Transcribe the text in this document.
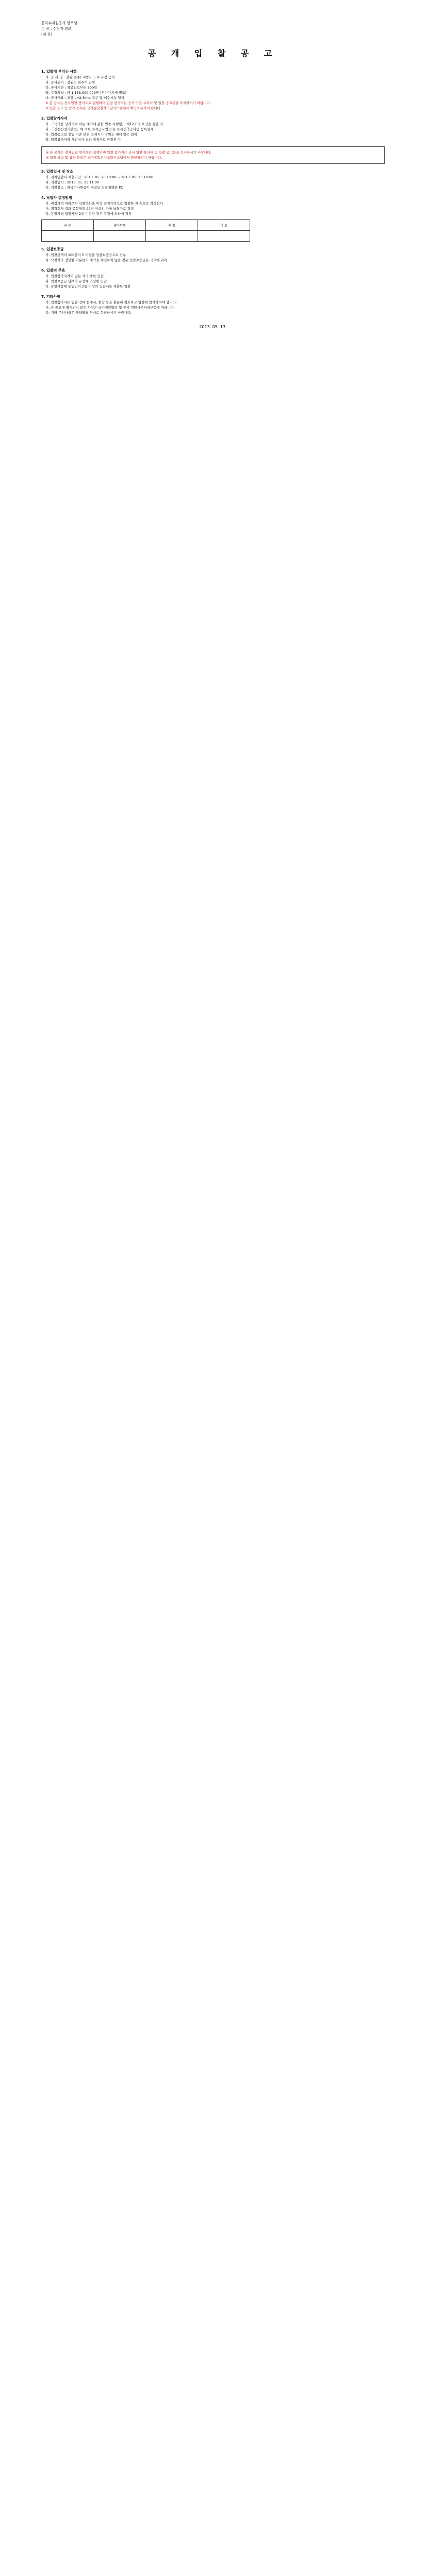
한국수자원공사 영포닝
수 신 : 수신자 참조
(경 유)
공 개 입 찰 공 고
1. 입찰에 부치는 사항
가. 공 사 명 : 강원(원주) 지방도 도로 포장 공사
나. 공사위치 : 강원도 원주시 일원
다. 공사기간 : 착공일로부터 300일
라. 추정가격 : 금 1,158,000,000원 (부가가치세 별도)
마. 공사개요 : 포장 L=2.3km, 측구 및 배수시설 일식
※ 본 공사는 전자입찰 방식으로 집행하며 입찰 참가자는 공사 입찰 유의서 및 입찰 공고문을 숙지하시기 바랍니다.
※ 입찰 공고 및 참가 등록은 국가종합전자조달시스템에서 확인하시기 바랍니다.
2. 입찰참가자격
가. 「국가를 당사자로 하는 계약에 관한 법률 시행령」 제12조의 요건을 갖춘 자
나. 「건설산업기본법」에 의한 토목공사업 또는 토목건축공사업 등록업체
다. 입찰공고일 전일 기준 본점 소재지가 강원도 내에 있는 업체
라. 입찰참가자격 사전심사 결과 적격자로 판정된 자

※ 본 공사는 전자입찰 방식으로 집행하며 입찰 참가자는 공사 입찰 유의서 및 입찰 공고문을 숙지하시기 바랍니다.

※ 입찰 공고 및 참가 등록은 국가종합전자조달시스템에서 확인하시기 바랍니다.

3. 입찰일시 및 장소
가. 전자입찰서 제출기간 : 2013. 05. 20 10:00 ~ 2013. 05. 23 10:00
나. 개찰일시 : 2013. 05. 23 11:00
다. 개찰장소 : 한국수자원공사 영포닝 입찰집행관 PC
4. 낙찰자 결정방법
가. 예정가격 이하로서 낙찰하한율 이상 최저가격으로 입찰한 자 순으로 적격심사
나. 적격심사 결과 종합평점 92점 이상인 자를 낙찰자로 결정
다. 동일가격 입찰자가 2인 이상인 경우 추첨에 의하여 결정
구 분	평가항목	배 점	비 고

5. 입찰보증금
가. 입찰금액의 100분의 5 이상을 입찰보증금으로 납부
나. 낙찰자가 정당한 이유없이 계약을 체결하지 않을 경우 입찰보증금은 국고에 귀속
6. 입찰의 무효
가. 입찰참가자격이 없는 자가 행한 입찰
나. 입찰보증금 납부가 규정에 미달한 입찰
다. 동일사항에 동일인이 2통 이상의 입찰서를 제출한 입찰
7. 기타사항
가. 입찰참가자는 입찰 전에 설계서, 현장 등을 충분히 검토하고 입찰에 참가하여야 합니다.
나. 본 공고에 명시되지 않은 사항은 국가계약법령 및 공사 계약사무처리규정에 따릅니다.
다. 기타 문의사항은 계약담당 부서로 문의하시기 바랍니다.
2013. 05. 13.
